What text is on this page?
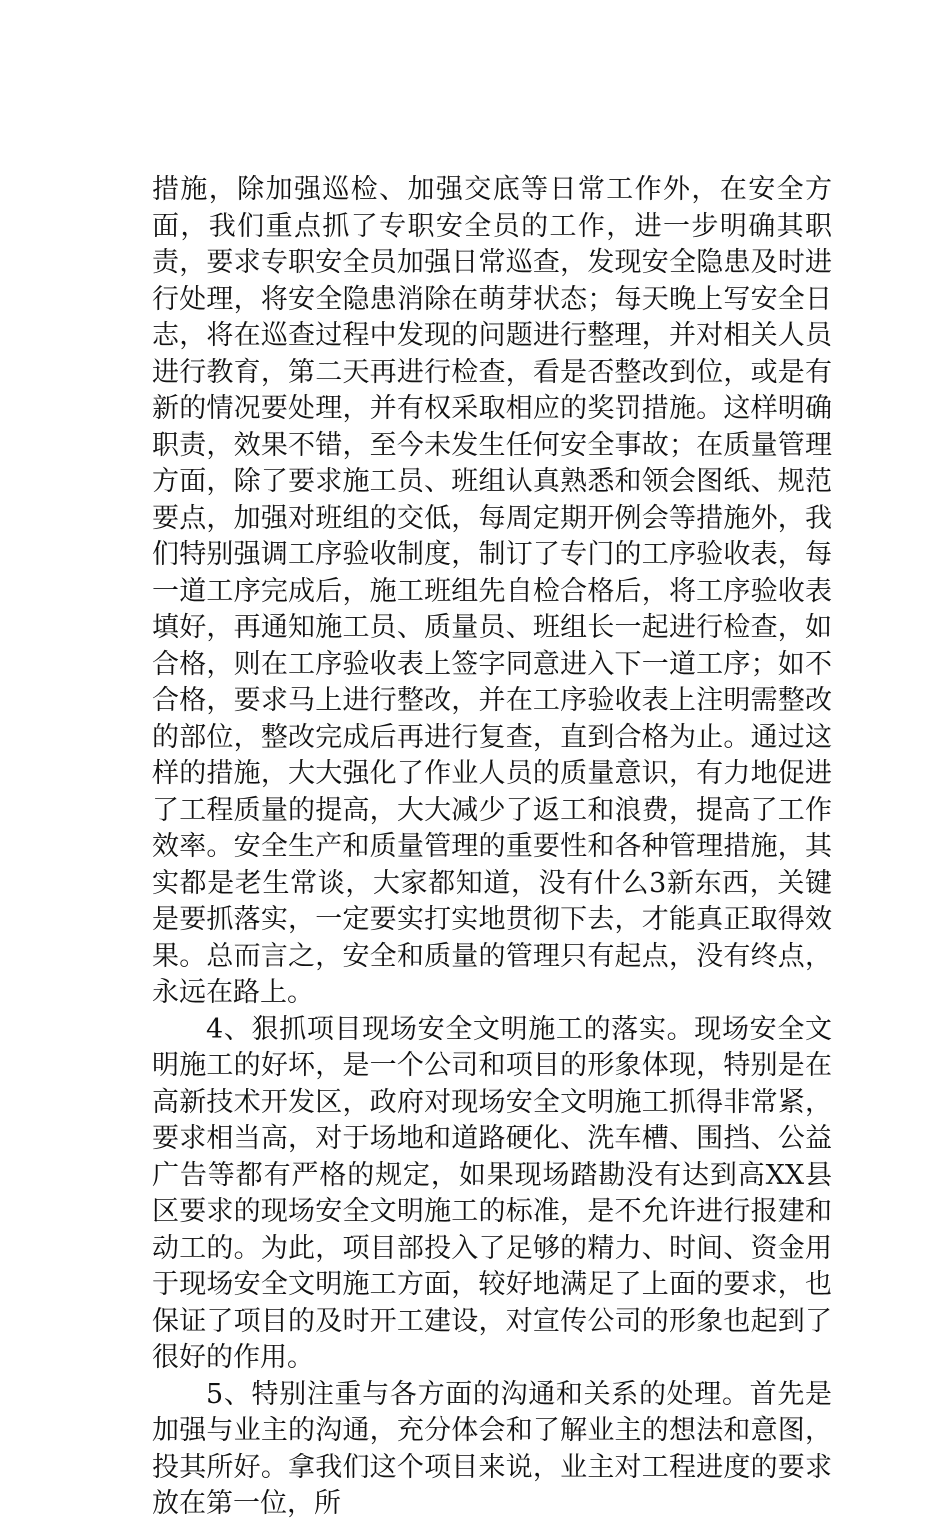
措施，除加强巡检、加强交底等日常工作外，在安全方面，我们重点抓了专职安全员的工作，进一步明确其职责，要求专职安全员加强日常巡查，发现安全隐患及时进行处理，将安全隐患消除在萌芽状态；每天晚上写安全日志，将在巡查过程中发现的问题进行整理，并对相关人员进行教育，第二天再进行检查，看是否整改到位，或是有新的情况要处理，并有权采取相应的奖罚措施。这样明确职责，效果不错，至今未发生任何安全事故；在质量管理方面，除了要求施工员、班组认真熟悉和领会图纸、规范要点，加强对班组的交低，每周定期开例会等措施外，我们特别强调工序验收制度，制订了专门的工序验收表，每一道工序完成后，施工班组先自检合格后，将工序验收表填好，再通知施工员、质量员、班组长一起进行检查，如合格，则在工序验收表上签字同意进入下一道工序；如不合格，要求马上进行整改，并在工序验收表上注明需整改的部位，整改完成后再进行复查，直到合格为止。通过这样的措施，大大强化了作业人员的质量意识，有力地促进了工程质量的提高，大大减少了返工和浪费，提高了工作效率。安全生产和质量管理的重要性和各种管理措施，其实都是老生常谈，大家都知道，没有什么3新东西，关键是要抓落实，一定要实打实地贯彻下去，才能真正取得效果。总而言之，安全和质量的管理只有起点，没有终点，永远在路上。

4、狠抓项目现场安全文明施工的落实。现场安全文明施工的好坏，是一个公司和项目的形象体现，特别是在高新技术开发区，政府对现场安全文明施工抓得非常紧，要求相当高，对于场地和道路硬化、洗车槽、围挡、公益广告等都有严格的规定，如果现场踏勘没有达到高XX县区要求的现场安全文明施工的标准，是不允许进行报建和动工的。为此，项目部投入了足够的精力、时间、资金用于现场安全文明施工方面，较好地满足了上面的要求，也保证了项目的及时开工建设，对宣传公司的形象也起到了很好的作用。

5、特别注重与各方面的沟通和关系的处理。首先是加强与业主的沟通，充分体会和了解业主的想法和意图，投其所好。拿我们这个项目来说，业主对工程进度的要求放在第一位，所
